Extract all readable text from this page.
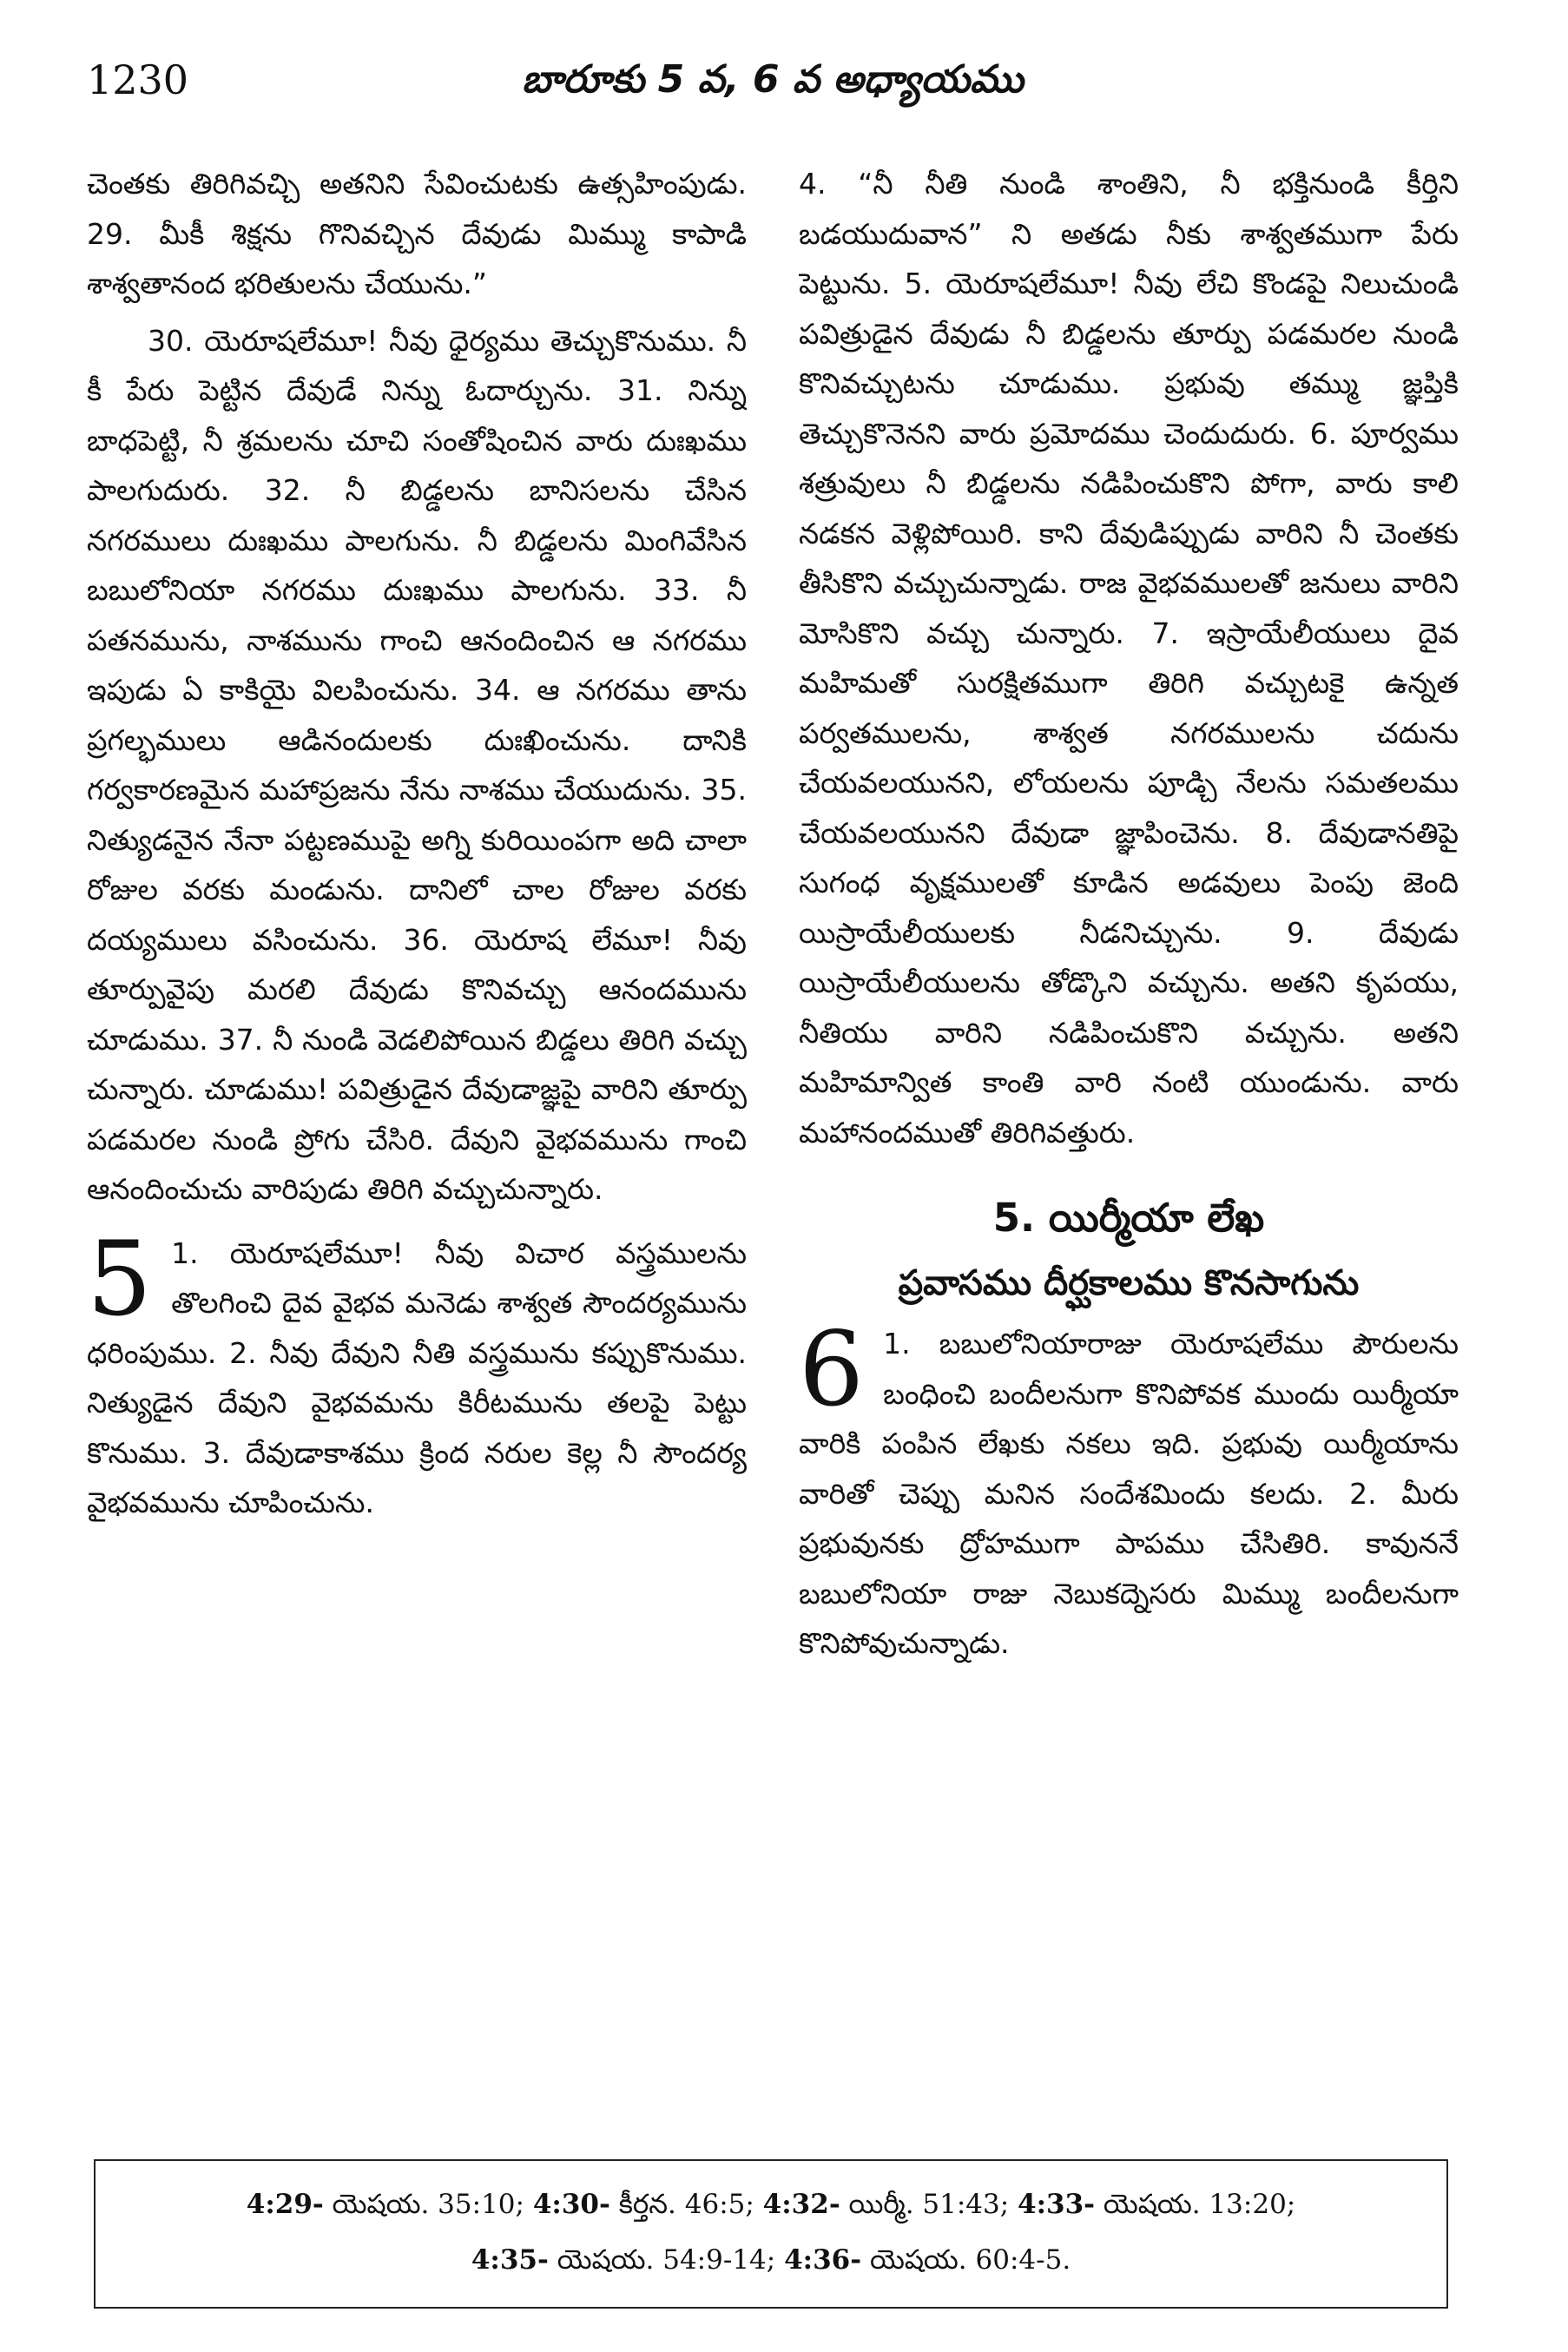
1230	బారూకు 5 వ, 6 వ అధ్యాయము

చెంతకు తిరిగివచ్చి అతనిని సేవించుటకు ఉత్సహింపుడు. 29. మీకీ శిక్షను గొనివచ్చిన దేవుడు మిమ్ము కాపాడి శాశ్వతానంద భరితులను చేయును.”

30. యెరూషలేమూ! నీవు ధైర్యము తెచ్చుకొనుము. నీ కీ పేరు పెట్టిన దేవుడే నిన్ను ఓదార్చును. 31. నిన్ను బాధపెట్టి, నీ శ్రమలను చూచి సంతోషించిన వారు దుఃఖము పాలగుదురు. 32. నీ బిడ్డలను బానిసలను చేసిన నగరములు దుఃఖము పాలగును. నీ బిడ్డలను మింగివేసిన బబులోనియా నగరము దుఃఖము పాలగును. 33. నీ పతనమును, నాశమును గాంచి ఆనందించిన ఆ నగరము ఇపుడు ఏ కాకియై విలపించును. 34. ఆ నగరము తాను ప్రగల్భములు ఆడినందులకు దుఃఖించును. దానికి గర్వకారణమైన మహాప్రజను నేను నాశము చేయుదును. 35. నిత్యుడనైన నేనా పట్టణముపై అగ్ని కురియింపగా అది చాలా రోజుల వరకు మండును. దానిలో చాల రోజుల వరకు దయ్యములు వసించును. 36. యెరూష లేమూ! నీవు తూర్పువైపు మరలి దేవుడు కొనివచ్చు ఆనందమును చూడుము. 37. నీ నుండి వెడలిపోయిన బిడ్డలు తిరిగి వచ్చు చున్నారు. చూడుము! పవిత్రుడైన దేవుడాజ్ఞపై వారిని తూర్పు పడమరల నుండి ప్రోగు చేసిరి. దేవుని వైభవమును గాంచి ఆనందించుచు వారిపుడు తిరిగి వచ్చుచున్నారు.

5 1. యెరూషలేమూ! నీవు విచార వస్త్రములను తొలగించి దైవ వైభవ మనెడు శాశ్వత సౌందర్యమును ధరింపుము. 2. నీవు దేవుని నీతి వస్త్రమును కప్పుకొనుము. నిత్యుడైన దేవుని వైభవమను కిరీటమును తలపై పెట్టు కొనుము. 3. దేవుడాకాశము క్రింద నరుల కెల్ల నీ సౌందర్య వైభవమును చూపించును.

4. “నీ నీతి నుండి శాంతిని, నీ భక్తినుండి కీర్తిని బడయుదువాన” ని అతడు నీకు శాశ్వతముగా పేరు పెట్టును. 5. యెరూషలేమూ! నీవు లేచి కొండపై నిలుచుండి పవిత్రుడైన దేవుడు నీ బిడ్డలను తూర్పు పడమరల నుండి కొనివచ్చుటను చూడుము. ప్రభువు తమ్ము జ్ఞప్తికి తెచ్చుకొనెనని వారు ప్రమోదము చెందుదురు. 6. పూర్వము శత్రువులు నీ బిడ్డలను నడిపించుకొని పోగా, వారు కాలి నడకన వెళ్లిపోయిరి. కాని దేవుడిప్పుడు వారిని నీ చెంతకు తీసికొని వచ్చుచున్నాడు. రాజ వైభవములతో జనులు వారిని మోసికొని వచ్చు చున్నారు. 7. ఇస్రాయేలీయులు దైవ మహిమతో సురక్షితముగా తిరిగి వచ్చుటకై ఉన్నత పర్వతములను, శాశ్వత నగరములను చదును చేయవలయునని, లోయలను పూడ్చి నేలను సమతలము చేయవలయునని దేవుడా జ్ఞాపించెను. 8. దేవుడానతిపై సుగంధ వృక్షములతో కూడిన అడవులు పెంపు జెంది యిస్రాయేలీయులకు నీడనిచ్చును. 9. దేవుడు యిస్రాయేలీయులను తోడ్కొని వచ్చును. అతని కృపయు, నీతియు వారిని నడిపించుకొని వచ్చును. అతని మహిమాన్విత కాంతి వారి నంటి యుండును. వారు మహానందముతో తిరిగివత్తురు.

5. యిర్మీయా లేఖ
ప్రవాసము దీర్ఘకాలము కొనసాగును

6 1. బబులోనియారాజు యెరూషలేము పౌరులను బంధించి బందీలనుగా కొనిపోవక ముందు యిర్మీయా వారికి పంపిన లేఖకు నకలు ఇది. ప్రభువు యిర్మీయాను వారితో చెప్పు మనిన సందేశమిందు కలదు. 2. మీరు ప్రభువునకు ద్రోహముగా పాపము చేసితిరి. కావుననే బబులోనియా రాజు నెబుకద్నెసరు మిమ్ము బందీలనుగా కొనిపోవుచున్నాడు.

4:29- యెషయ. 35:10; 4:30- కీర్తన. 46:5; 4:32- యిర్మీ. 51:43; 4:33- యెషయ. 13:20;
4:35- యెషయ. 54:9-14; 4:36- యెషయ. 60:4-5.
